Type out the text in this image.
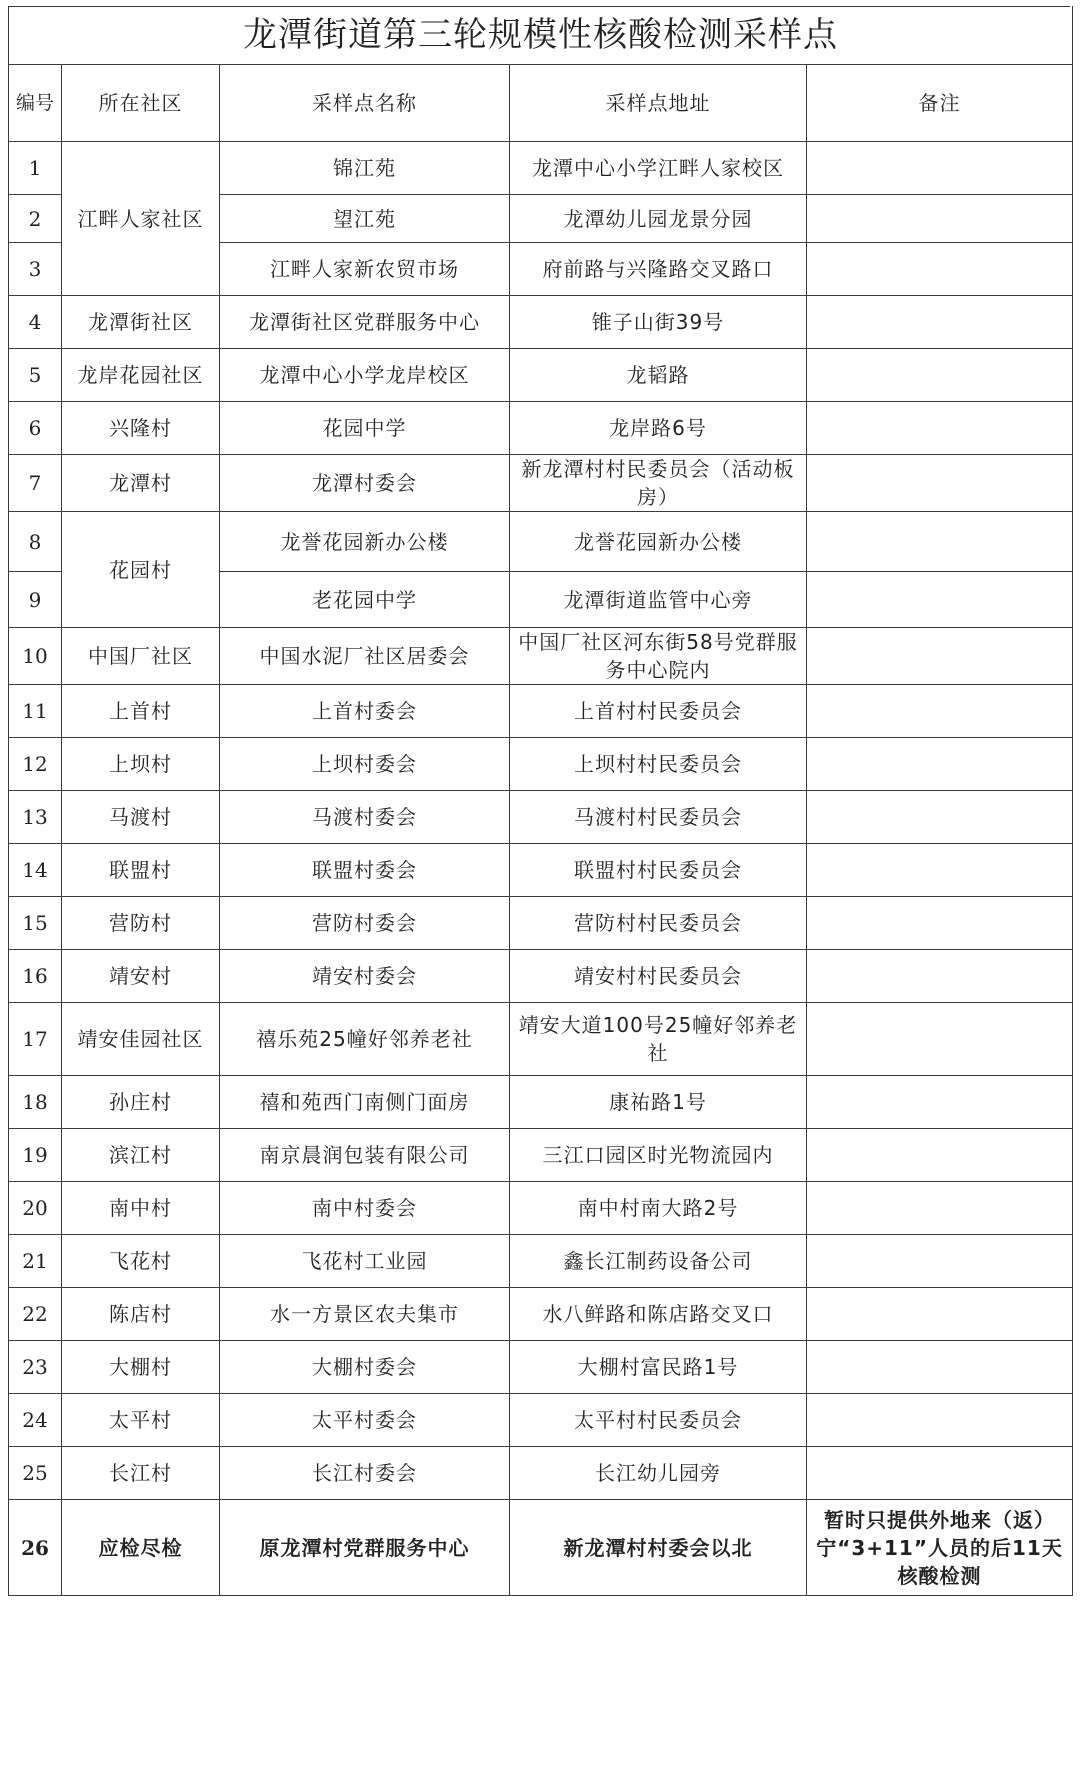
龙潭街道第三轮规模性核酸检测采样点				
编号	所在社区	采样点名称	采样点地址	备注
1	江畔人家社区	锦江苑	龙潭中心小学江畔人家校区	
2		望江苑	龙潭幼儿园龙景分园	
3		江畔人家新农贸市场	府前路与兴隆路交叉路口	
4	龙潭街社区	龙潭街社区党群服务中心	锥子山街39号	
5	龙岸花园社区	龙潭中心小学龙岸校区	龙韬路	
6	兴隆村	花园中学	龙岸路6号	
7	龙潭村	龙潭村委会	新龙潭村村民委员会（活动板房）	
8	花园村	龙誉花园新办公楼	龙誉花园新办公楼	
9		老花园中学	龙潭街道监管中心旁	
10	中国厂社区	中国水泥厂社区居委会	中国厂社区河东街58号党群服务中心院内	
11	上首村	上首村委会	上首村村民委员会	
12	上坝村	上坝村委会	上坝村村民委员会	
13	马渡村	马渡村委会	马渡村村民委员会	
14	联盟村	联盟村委会	联盟村村民委员会	
15	营防村	营防村委会	营防村村民委员会	
16	靖安村	靖安村委会	靖安村村民委员会	
17	靖安佳园社区	禧乐苑25幢好邻养老社	靖安大道100号25幢好邻养老社	
18	孙庄村	禧和苑西门南侧门面房	康祐路1号	
19	滨江村	南京晨润包装有限公司	三江口园区时光物流园内	
20	南中村	南中村委会	南中村南大路2号	
21	飞花村	飞花村工业园	鑫长江制药设备公司	
22	陈店村	水一方景区农夫集市	水八鲜路和陈店路交叉口	
23	大棚村	大棚村委会	大棚村富民路1号	
24	太平村	太平村委会	太平村村民委员会	
25	长江村	长江村委会	长江幼儿园旁	
26	应检尽检	原龙潭村党群服务中心	新龙潭村村委会以北	暂时只提供外地来（返）宁“3+11”人员的后11天核酸检测
